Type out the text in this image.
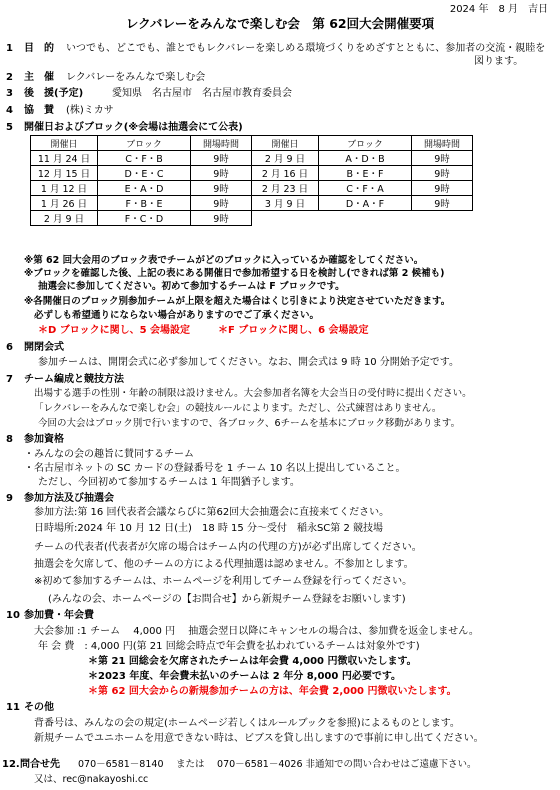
2024 年　8 月　吉日
レクバレーをみんなで楽しむ会　第 62回大会開催要項
1 目　的 いつでも、どこでも、誰とでもレクバレーを楽しめる環境づくりをめざすとともに、参加者の交流・親睦を
図ります。
2 主　催 レクバレーをみんなで楽しむ会
3 後　援(予定)	愛知県　名古屋市　名古屋市教育委員会
4 協　賛 (株)ミカサ
5 開催日およびブロック(※会場は抽選会にて公表)
開催日	ブロック	開場時間	開催日	ブロック	開場時間
11 月 24 日	C・F・B	9時	2 月 9 日	A・D・B	9時
12 月 15 日	D・E・C	9時	2 月 16 日	B・E・F	9時
1 月 12 日	E・A・D	9時	2 月 23 日	C・F・A	9時
1 月 26 日	F・B・E	9時	3 月 9 日	D・A・F	9時
2 月 9 日	F・C・D	9時			
※第 62 回大会用のブロック表でチームがどのブロックに入っているか確認をしてください。
※ブロックを確認した後、上記の表にある開催日で参加希望する日を検討し(できれば第 2 候補も)
抽選会に参加してください。初めて参加するチームは F ブロックです。
※各開催日のブロック別参加チームが上限を超えた場合はくじ引きにより決定させていただきます。
必ずしも希望通りにならない場合がありますのでご了承ください。
＊D ブロックに関し、5 会場設定	＊F ブロックに関し、6 会場設定
6 開閉会式
参加チームは、開閉会式に必ず参加してください。なお、開会式は 9 時 10 分開始予定です。
7 チーム編成と競技方法
出場する選手の性別・年齢の制限は設けません。大会参加者名簿を大会当日の受付時に提出ください。
「レクバレーをみんなで楽しむ会」の競技ルールによります。ただし、公式練習はありません。
今回の大会はブロック別で行いますので、各ブロック、6チームを基本にブロック移動があります。
8 参加資格
・みんなの会の趣旨に賛同するチーム
・名古屋市ネットの SC カードの登録番号を 1 チーム 10 名以上提出していること。
ただし、今回初めて参加するチームは 1 年間猶予します。
9 参加方法及び抽選会
参加方法:第 16 回代表者会議ならびに第62回大会抽選会に直接来てください。
日時場所:2024 年 10 月 12 日(土)　18 時 15 分～受付　稲永SC第 2 競技場
チームの代表者(代表者が欠席の場合はチーム内の代理の方)が必ず出席してください。
抽選会を欠席して、他のチームの方による代理抽選は認めません。不参加とします。
※初めて参加するチームは、ホームページを利用してチーム登録を行ってください。
(みんなの会、ホームページの【お問合せ】から新規チーム登録をお願いします)
10 参加費・年会費
大会参加 :1 チーム　 4,000 円　 抽選会翌日以降にキャンセルの場合は、参加費を返金しません。
年 会 費　: 4,000 円(第 21 回総会時点で年会費を払われているチームは対象外です)
＊第 21 回総会を欠席されたチームは年会費 4,000 円徴収いたします。
＊2023 年度、年会費未払いのチームは 2 年分 8,000 円必要です。
＊第 62 回大会からの新規参加チームの方は、年会費 2,000 円徴収いたします。
11 その他
背番号は、みんなの会の規定(ホームページ若しくはルールブックを参照)によるものとします。
新規チームでユニホームを用意できない時は、ビブスを貸し出しますので事前に申し出てください。
12. 問合せ先 070－6581－8140　 または　 070－6581－4026 非通知での問い合わせはご遠慮下さい。
又は、rec@nakayoshi.cc
